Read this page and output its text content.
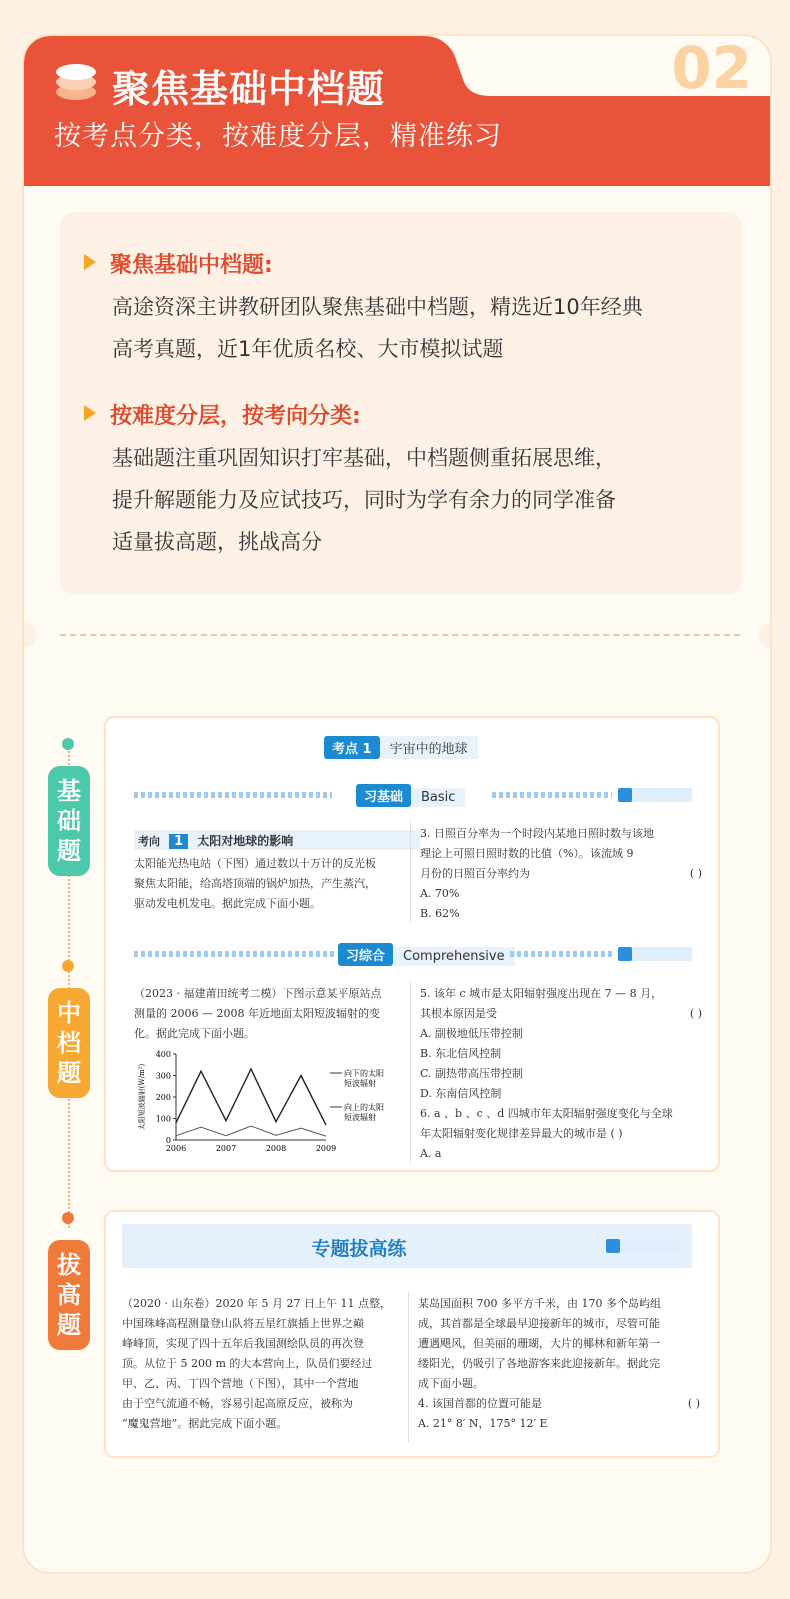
聚焦基础中档题
按考点分类，按难度分层，精准练习
02
聚焦基础中档题:
高途资深主讲教研团队聚焦基础中档题，精选近10年经典
高考真题，近1年优质名校、大市模拟试题
按难度分层，按考向分类:
基础题注重巩固知识打牢基础，中档题侧重拓展思维，
提升解题能力及应试技巧，同时为学有余力的同学准备
适量拔高题，挑战高分
基础题
中档题
拔高题
考点 1 宇宙中的地球
习基础 Basic
考向 1 太阳对地球的影响
太阳能光热电站（下图）通过数以十万计的反光板
聚焦太阳能，给高塔顶端的锅炉加热，产生蒸汽，
驱动发电机发电。据此完成下面小题。
3. 日照百分率为一个时段内某地日照时数与该地
理论上可照日照时数的比值（%）。该流域 9
月份的日照百分率约为	( )
A. 70%
B. 62%
习综合 Comprehensive
（2023 · 福建莆田统考二模）下图示意某平原站点
测量的 2006 — 2008 年近地面太阳短波辐射的变
化。据此完成下面小题。
0
100
200
300
400
2006	2007	2008	2009
太阳短波辐射(W/m²)	向下的太阳
短波辐射
向上的太阳
短波辐射
5. 该年 c 城市是太阳辐射强度出现在 7 — 8 月，
其根本原因是受	( )
A. 副极地低压带控制
B. 东北信风控制
C. 副热带高压带控制
D. 东南信风控制
6. a 、b 、c 、d 四城市年太阳辐射强度变化与全球
年太阳辐射变化规律差异最大的城市是 ( )
A. a
专题拔高练
（2020 · 山东卷）2020 年 5 月 27 日上午 11 点整，
中国珠峰高程测量登山队将五星红旗插上世界之巅
峰峰顶，实现了四十五年后我国测绘队员的再次登
顶。从位于 5 200 m 的大本营向上，队员们要经过
甲、乙、丙、丁四个营地（下图），其中一个营地
由于空气流通不畅，容易引起高原反应，被称为
“魔鬼营地”。据此完成下面小题。
某岛国面积 700 多平方千米，由 170 多个岛屿组
成，其首都是全球最早迎接新年的城市，尽管可能
遭遇飓风，但美丽的珊瑚，大片的椰林和新年第一
缕阳光，仍吸引了各地游客来此迎接新年。据此完
成下面小题。
4. 该国首都的位置可能是	( )
A. 21° 8′ N，175° 12′ E
